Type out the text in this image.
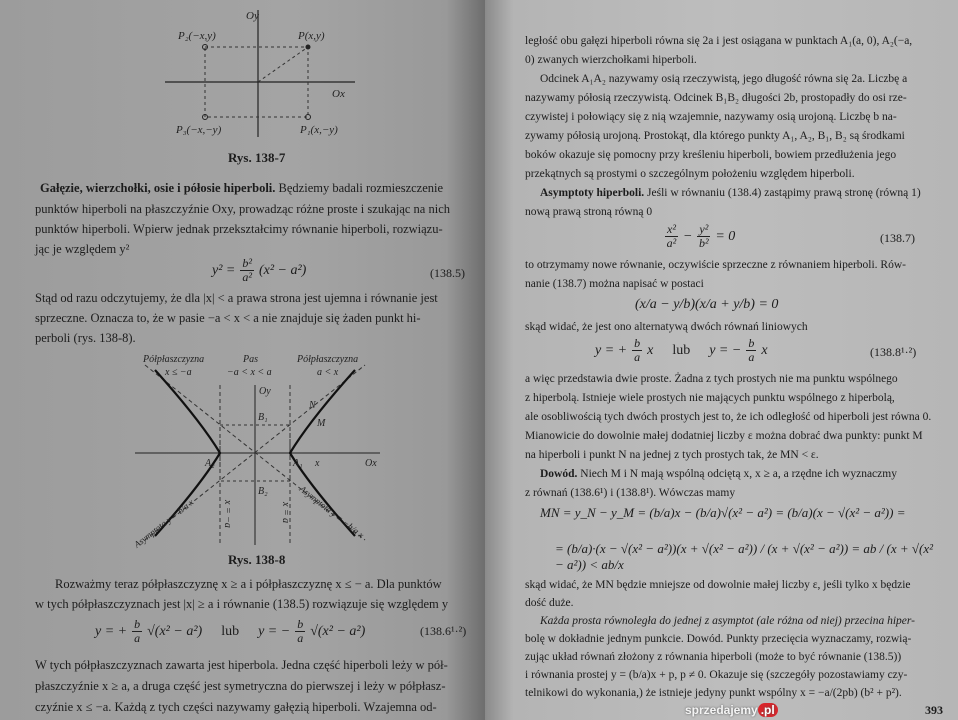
Oy
Ox
P(x,y)
P₂(−x,y)
P₃(−x,−y)	P₁(x,−y)
Rys. 138-7
Gałęzie, wierzchołki, osie i półosie hiperboli. Będziemy badali rozmieszczenie
punktów hiperboli na płaszczyźnie Oxy, prowadząc różne proste i szukając na nich
punktów hiperboli. Wpierw jednak przekształcimy równanie hiperboli, rozwiązu-
jąc je względem y²
$y^2 = \frac{\text{b²}}{\text{a²}} (x^2 - a^2)$	(138.5)
Stąd od razu odczytujemy, że dla |x| < a prawa strona jest ujemna i równanie jest
sprzeczne. Oznacza to, że w pasie −a < x < a nie znajduje się żaden punkt hi-
perboli (rys. 138-8).
Półpłaszczyzna
x ≤ −a
Pas
−a < x < a
Półpłaszczyzna
a < x
Oy
Ox
x
B₁
B₂
A₁
A₂
N
M
x = −a	x = a
Asymptota y = b/a x	Asymptota y = −b/a x
Rys. 138-8
Rozważmy teraz półpłaszczyznę x ≥ a i półpłaszczyznę x ≤ − a. Dla punktów
w tych półpłaszczyznach jest |x| ≥ a i równanie (138.5) rozwiązuje się względem y
y = + $\frac{b}{a} √(x^2 - a^2)$ lub y = − $\frac{b}{a} √(x^2 - a^2)$	(138.6¹·²)
W tych półpłaszczyznach zawarta jest hiperbola. Jedna część hiperboli leży w pół-
płaszczyźnie x ≥ a, a druga część jest symetryczna do pierwszej i leży w półpłasz-
czyźnie x ≤ −a. Każdą z tych części nazywamy gałęzią hiperboli. Wzajemna od-
ległość obu gałęzi hiperboli równa się 2a i jest osiągana w punktach A₁(a, 0), A₂(−a,
0) zwanych wierzchołkami hiperboli.
Odcinek A₁A₂ nazywamy osią rzeczywistą, jego długość równa się 2a. Liczbę a
nazywamy półosią rzeczywistą. Odcinek B₁B₂ długości 2b, prostopadły do osi rze-
czywistej i połowiący się z nią wzajemnie, nazywamy osią urojoną. Liczbę b na-
zywamy półosią urojoną. Prostokąt, dla którego punkty A₁, A₂, B₁, B₂ są środkami
boków okazuje się pomocny przy kreśleniu hiperboli, bowiem przedłużenia jego
przekątnych są prostymi o szczególnym położeniu względem hiperboli.
Asymptoty hiperboli. Jeśli w równaniu (138.4) zastąpimy prawą stronę (równą 1)
nową prawą stroną równą 0
$\frac{\text{x²}}{\text{a²}} - \frac{\text{y²}}{\text{b²}} = 0$	(138.7)
to otrzymamy nowe równanie, oczywiście sprzeczne z równaniem hiperboli. Rów-
nanie (138.7) można napisać w postaci
(x/a − y/b)(x/a + y/b) = 0
skąd widać, że jest ono alternatywą dwóch równań liniowych
y = + $\frac{b}{a}$ x lub y = − $\frac{b}{a}$ x	(138.8¹·²)
a więc przedstawia dwie proste. Żadna z tych prostych nie ma punktu wspólnego
z hiperbolą. Istnieje wiele prostych nie mających punktu wspólnego z hiperbolą,
ale osobliwością tych dwóch prostych jest to, że ich odległość od hiperboli jest równa 0.
Mianowicie do dowolnie małej dodatniej liczby ε można dobrać dwa punkty: punkt M
na hiperboli i punkt N na jednej z tych prostych tak, że MN < ε.
Dowód. Niech M i N mają wspólną odciętą x, x ≥ a, a rzędne ich wyznaczmy
z równań (138.6¹) i (138.8¹). Wówczas mamy
MN = y_N − y_M = (b/a)x − (b/a)√(x² − a²) = (b/a)(x − √(x² − a²)) =
= (b/a)·(x − √(x² − a²))(x + √(x² − a²)) / (x + √(x² − a²)) = ab / (x + √(x² − a²)) < ab/x
skąd widać, że MN będzie mniejsze od dowolnie małej liczby ε, jeśli tylko x będzie
dość duże.
Każda prosta równoległa do jednej z asymptot (ale różna od niej) przecina hiper-
bolę w dokładnie jednym punkcie. Dowód. Punkty przecięcia wyznaczamy, rozwią-
zując układ równań złożony z równania hiperboli (może to być równanie (138.5))
i równania prostej y = (b/a)x + p, p ≠ 0. Okazuje się (szczegóły pozostawiamy czy-
telnikowi do wykonania,) że istnieje jedyny punkt wspólny x = −a/(2pb) (b² + p²).
sprzedajemy .pl	393
